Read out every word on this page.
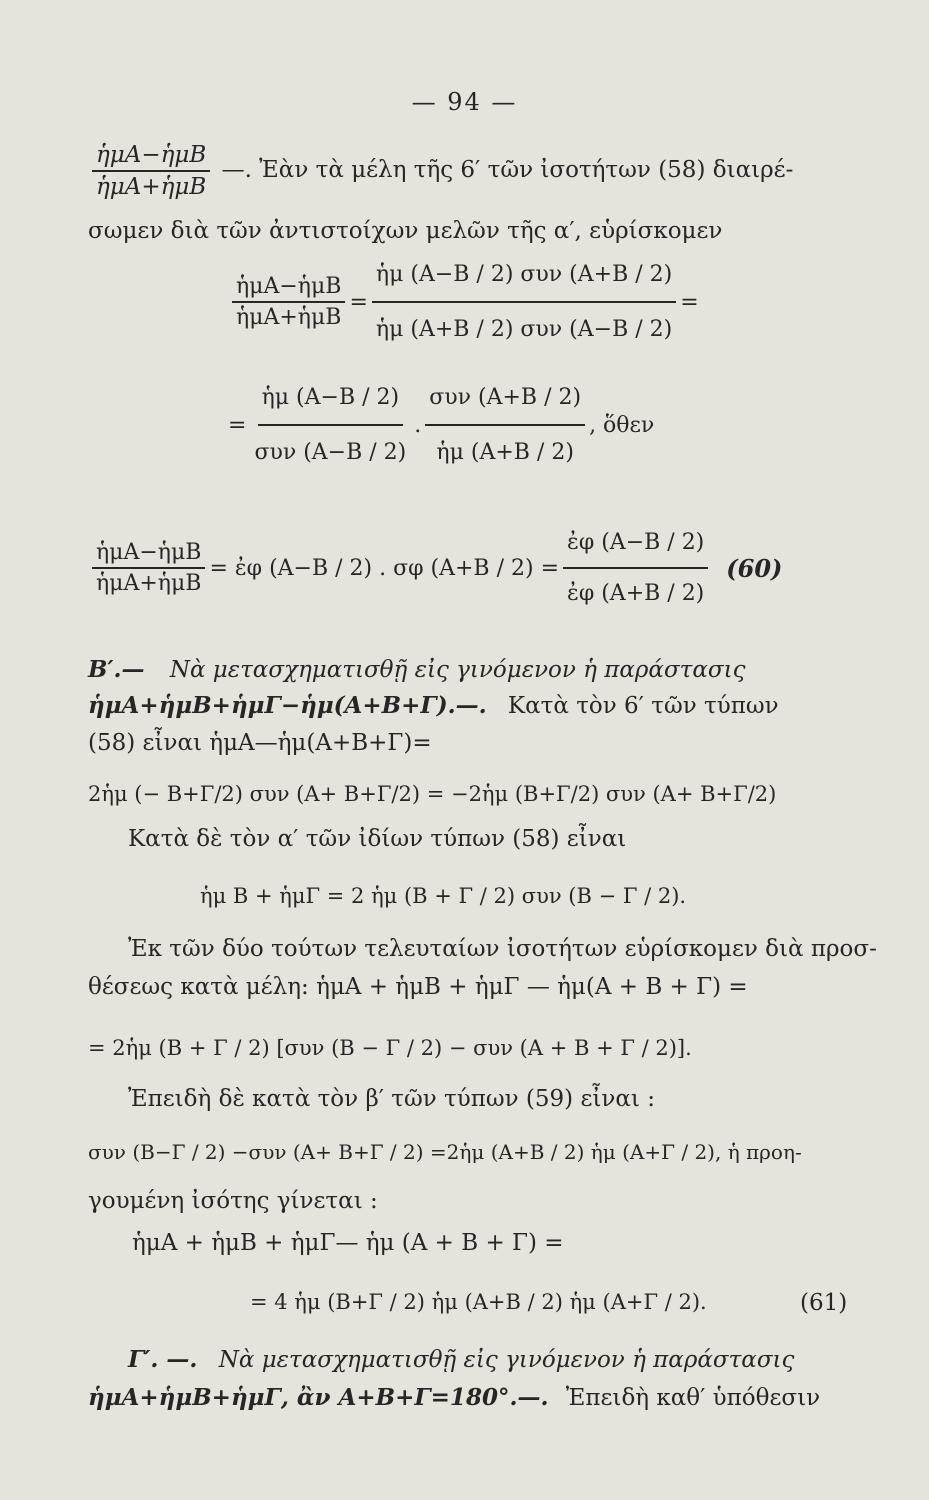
— 94 —
$\frac{\text{ἡμΑ−ἡμΒ}}{\text{ἡμΑ+ἡμΒ}}$ —. Ἐὰν τὰ μέλη τῆς 6′ τῶν ἰσοτήτων (58) διαιρέ-
σωμεν διὰ τῶν ἀντιστοίχων μελῶν τῆς α′, εὑρίσκομεν
$\frac{\text{ἡμΑ−ἡμΒ}}{\text{ἡμΑ+ἡμΒ}} = \frac{\text{ἡμ (Α−Β / 2) συν (Α+Β / 2)}}{\text{ἡμ (Α+Β / 2) συν (Α−Β / 2)}}$ =
= $\frac{\text{ἡμ (Α−Β / 2)}}{\text{συν (Α−Β / 2)}}$ . $\frac{\text{συν (Α+Β / 2)}}{\text{ἡμ (Α+Β / 2)}}$ , ὅθεν
$\frac{\text{ἡμΑ−ἡμΒ}}{\text{ἡμΑ+ἡμΒ}}$ = ἐφ (Α−Β / 2) . σφ $(A+B / 2) = \frac{\text{ἐφ (Α−Β / 2)}}{\text{ἐφ (Α+Β / 2)}} (60)$
Β′.— Νὰ μετασχηματισθῇ εἰς γινόμενον ἡ παράστασις
ἡμΑ+ἡμΒ+ἡμΓ−ἡμ(Α+Β+Γ).—. Κατὰ τὸν 6′ τῶν τύπων
(58) εἶναι ἡμΑ—ἡμ(Α+Β+Γ)=
2ἡμ (− Β+Γ/2) συν (Α+ Β+Γ/2) = −2ἡμ (Β+Γ/2) συν (Α+ Β+Γ/2)
Κατὰ δὲ τὸν α′ τῶν ἰδίων τύπων (58) εἶναι
ἡμ Β + ἡμΓ = 2 ἡμ (Β + Γ / 2) συν (Β − Γ / 2).
Ἐκ τῶν δύο τούτων τελευταίων ἰσοτήτων εὑρίσκομεν διὰ προσ-
θέσεως κατὰ μέλη: ἡμΑ + ἡμΒ + ἡμΓ — ἡμ(Α + Β + Γ) =
= 2ἡμ (Β + Γ / 2) [συν (Β − Γ / 2) − συν (Α + Β + Γ / 2)].
Ἐπειδὴ δὲ κατὰ τὸν β′ τῶν τύπων (59) εἶναι :
συν (Β−Γ / 2) −συν (Α+ Β+Γ / 2) =2ἡμ (Α+Β / 2) ἡμ (Α+Γ / 2), ἡ προη-
γουμένη ἰσότης γίνεται :
ἡμΑ + ἡμΒ + ἡμΓ— ἡμ (Α + Β + Γ) =
= 4 ἡμ (Β+Γ / 2) ἡμ (Α+Β / 2) ἡμ (Α+Γ / 2).	(61)
Γ′. —. Νὰ μετασχηματισθῇ εἰς γινόμενον ἡ παράστασις
ἡμΑ+ἡμΒ+ἡμΓ, ἂν Α+Β+Γ=180°.—. Ἐπειδὴ καθ′ ὑπόθεσιν
